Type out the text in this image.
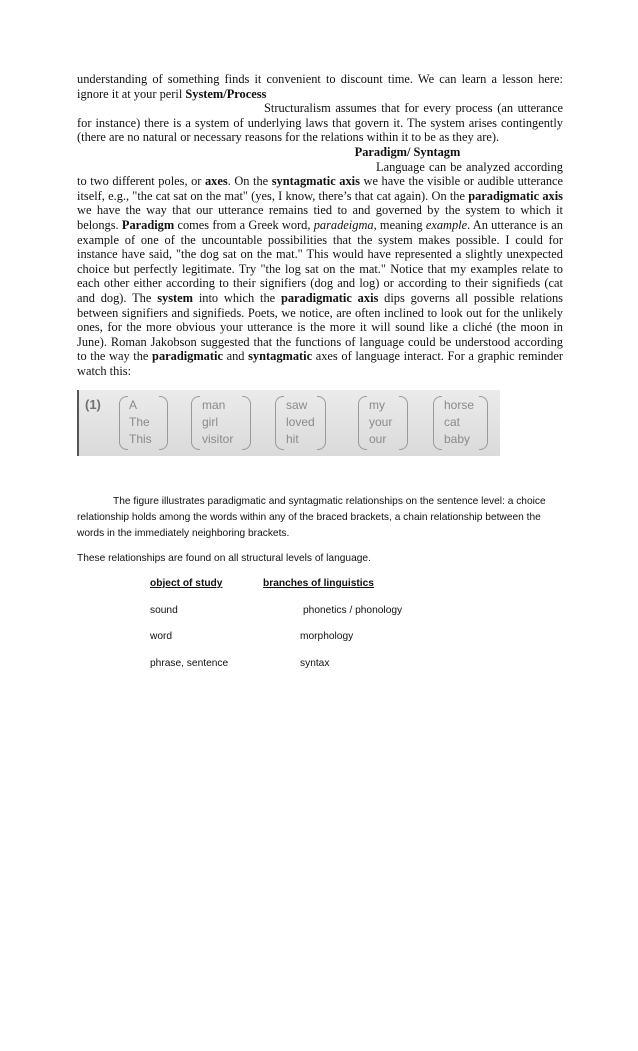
understanding of something finds it convenient to discount time. We can learn a lesson here: ignore it at your peril System/Process

Structuralism assumes that for every process (an utterance for instance) there is a system of underlying laws that govern it. The system arises contingently (there are no natural or necessary reasons for the relations within it to be as they are).

Paradigm/ Syntagm

Language can be analyzed according to two different poles, or axes. On the syntagmatic axis we have the visible or audible utterance itself, e.g., "the cat sat on the mat" (yes, I know, there’s that cat again). On the paradigmatic axis we have the way that our utterance remains tied to and governed by the system to which it belongs. Paradigm comes from a Greek word, paradeigma, meaning example. An utterance is an example of one of the uncountable possibilities that the system makes possible. I could for instance have said, "the dog sat on the mat." This would have represented a slightly unexpected choice but perfectly legitimate. Try "the log sat on the mat." Notice that my examples relate to each other either according to their signifiers (dog and log) or according to their signifieds (cat and dog). The system into which the paradigmatic axis dips governs all possible relations between signifiers and signifieds. Poets, we notice, are often inclined to look out for the unlikely ones, for the more obvious your utterance is the more it will sound like a cliché (the moon in June). Roman Jakobson suggested that the functions of language could be understood according to the way the paradigmatic and syntagmatic axes of language interact. For a graphic reminder watch this:

(1) A
The
This
man
girl
visitor
saw
loved
hit
my
your
our
horse
cat
baby

The figure illustrates paradigmatic and syntagmatic relationships on the sentence level: a choice relationship holds among the words within any of the braced brackets, a chain relationship between the words in the immediately neighboring brackets.

These relationships are found on all structural levels of language.
object of study	branches of linguistics
sound	phonetics / phonology
word	morphology
phrase, sentence	syntax
